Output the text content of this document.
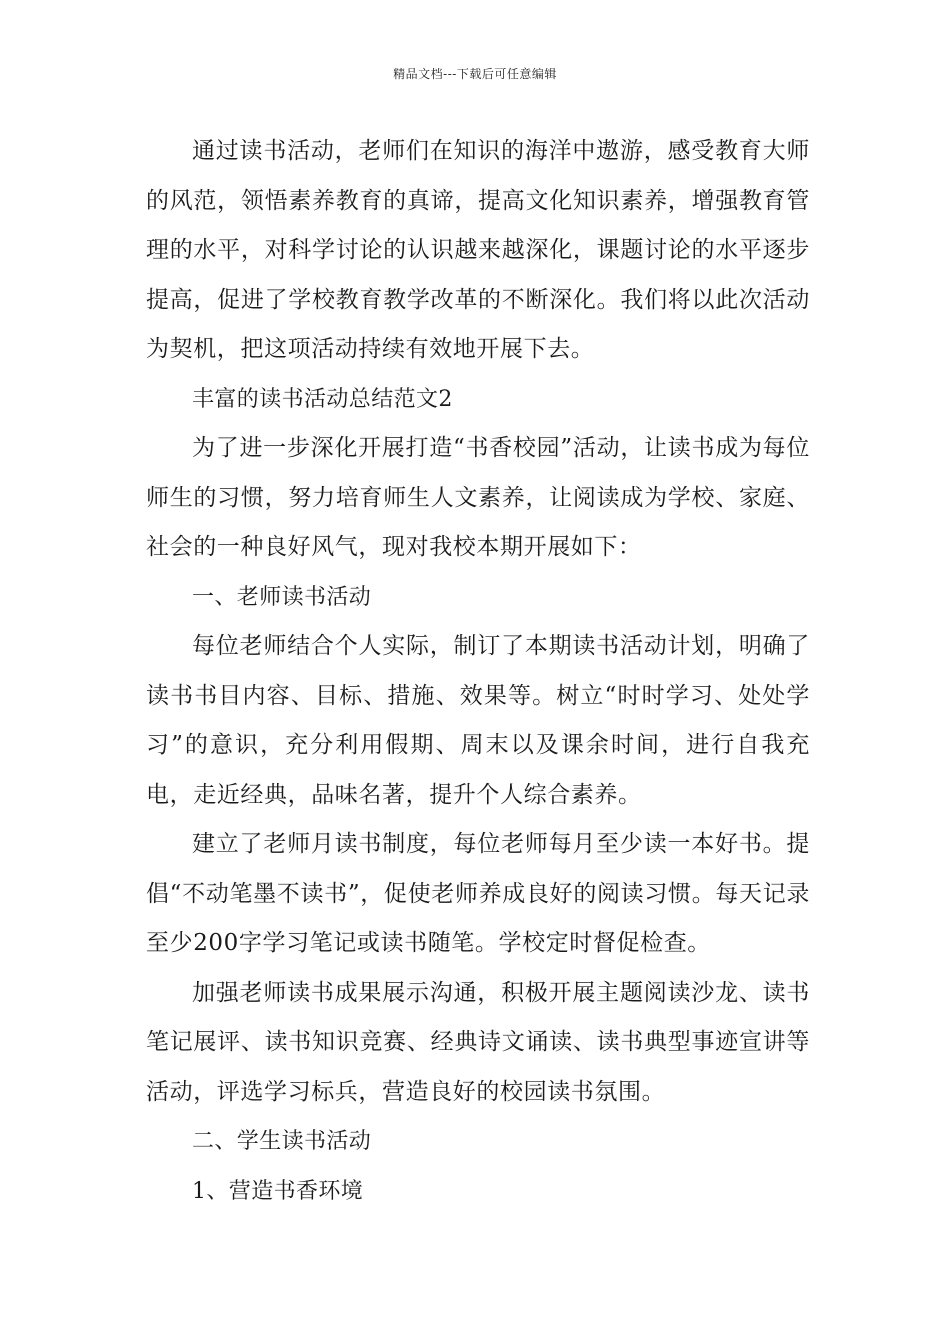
精品文档---下载后可任意编辑

通过读书活动，老师们在知识的海洋中遨游，感受教育大师的风范，领悟素养教育的真谛，提高文化知识素养，增强教育管理的水平，对科学讨论的认识越来越深化，课题讨论的水平逐步提高，促进了学校教育教学改革的不断深化。我们将以此次活动为契机，把这项活动持续有效地开展下去。

丰富的读书活动总结范文2

为了进一步深化开展打造“书香校园”活动，让读书成为每位师生的习惯，努力培育师生人文素养，让阅读成为学校、家庭、社会的一种良好风气，现对我校本期开展如下：

一、老师读书活动

每位老师结合个人实际，制订了本期读书活动计划，明确了读书书目内容、目标、措施、效果等。树立“时时学习、处处学习”的意识，充分利用假期、周末以及课余时间，进行自我充电，走近经典，品味名著，提升个人综合素养。

建立了老师月读书制度，每位老师每月至少读一本好书。提倡“不动笔墨不读书”，促使老师养成良好的阅读习惯。每天记录至少200字学习笔记或读书随笔。学校定时督促检查。

加强老师读书成果展示沟通，积极开展主题阅读沙龙、读书笔记展评、读书知识竞赛、经典诗文诵读、读书典型事迹宣讲等活动，评选学习标兵，营造良好的校园读书氛围。

二、学生读书活动

1、营造书香环境
